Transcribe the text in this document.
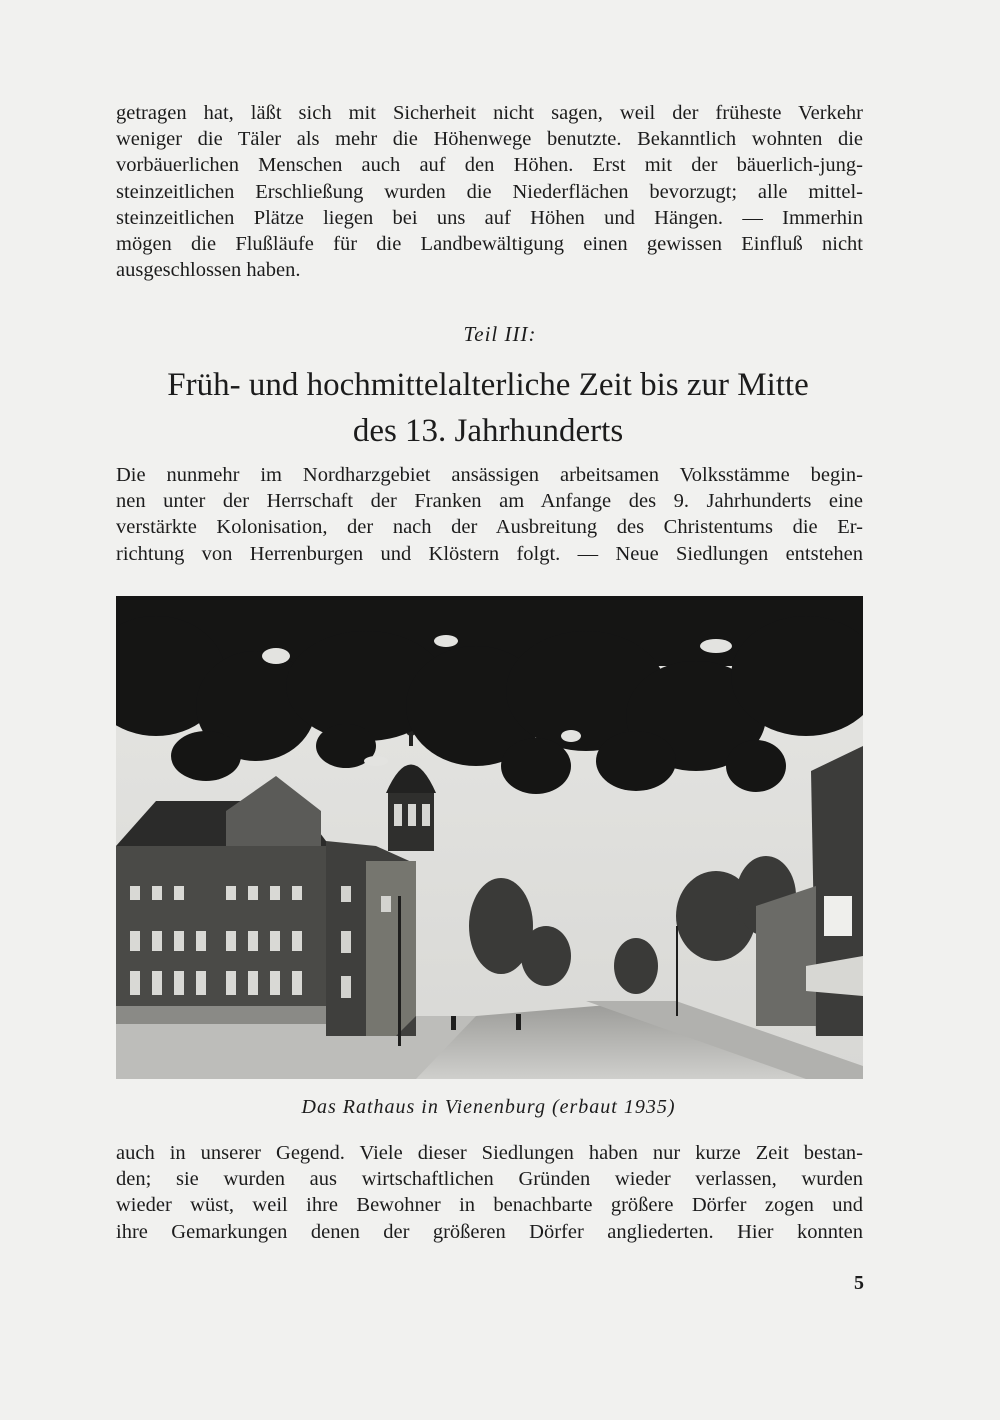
getragen hat, läßt sich mit Sicherheit nicht sagen, weil der früheste Verkehr
weniger die Täler als mehr die Höhenwege benutzte. Bekanntlich wohnten die
vorbäuerlichen Menschen auch auf den Höhen. Erst mit der bäuerlich-jung-
steinzeitlichen Erschließung wurden die Niederflächen bevorzugt; alle mittel-
steinzeitlichen Plätze liegen bei uns auf Höhen und Hängen. — Immerhin
mögen die Flußläufe für die Landbewältigung einen gewissen Einfluß nicht
ausgeschlossen haben.
Teil III:
Früh- und hochmittelalterliche Zeit bis zur Mitte
des 13. Jahrhunderts
Die nunmehr im Nordharzgebiet ansässigen arbeitsamen Volksstämme begin-
nen unter der Herrschaft der Franken am Anfange des 9. Jahrhunderts eine
verstärkte Kolonisation, der nach der Ausbreitung des Christentums die Er-
richtung von Herrenburgen und Klöstern folgt. — Neue Siedlungen entstehen
Das Rathaus in Vienenburg (erbaut 1935)
auch in unserer Gegend. Viele dieser Siedlungen haben nur kurze Zeit bestan-
den; sie wurden aus wirtschaftlichen Gründen wieder verlassen, wurden
wieder wüst, weil ihre Bewohner in benachbarte größere Dörfer zogen und
ihre Gemarkungen denen der größeren Dörfer angliederten. Hier konnten
5
